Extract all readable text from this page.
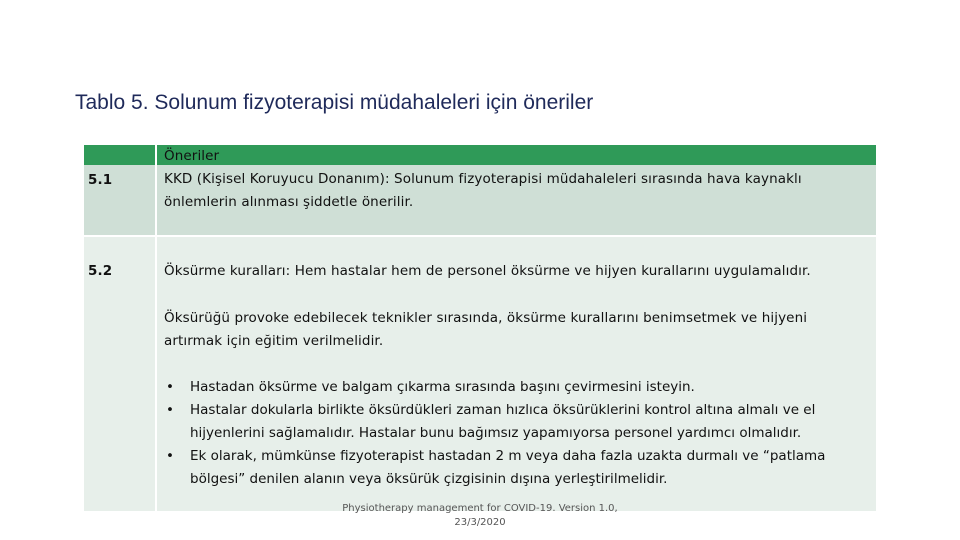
Tablo 5. Solunum fizyoterapisi müdahaleleri için öneriler
Öneriler
5.1	KKD (Kişisel Koruyucu Donanım): Solunum fizyoterapisi müdahaleleri sırasında hava kaynaklı
önlemlerin alınması şiddetle önerilir.
5.2	Öksürme kuralları: Hem hastalar hem de personel öksürme ve hijyen kurallarını uygulamalıdır.
Öksürüğü provoke edebilecek teknikler sırasında, öksürme kurallarını benimsetmek ve hijyeni
artırmak için eğitim verilmelidir.
• Hastadan öksürme ve balgam çıkarma sırasında başını çevirmesini isteyin.
• Hastalar dokularla birlikte öksürdükleri zaman hızlıca öksürüklerini kontrol altına almalı ve el
hijyenlerini sağlamalıdır. Hastalar bunu bağımsız yapamıyorsa personel yardımcı olmalıdır.
• Ek olarak, mümkünse fizyoterapist hastadan 2 m veya daha fazla uzakta durmalı ve “patlama
bölgesi” denilen alanın veya öksürük çizgisinin dışına yerleştirilmelidir.
Physiotherapy management for COVID-19. Version 1.0,
23/3/2020
